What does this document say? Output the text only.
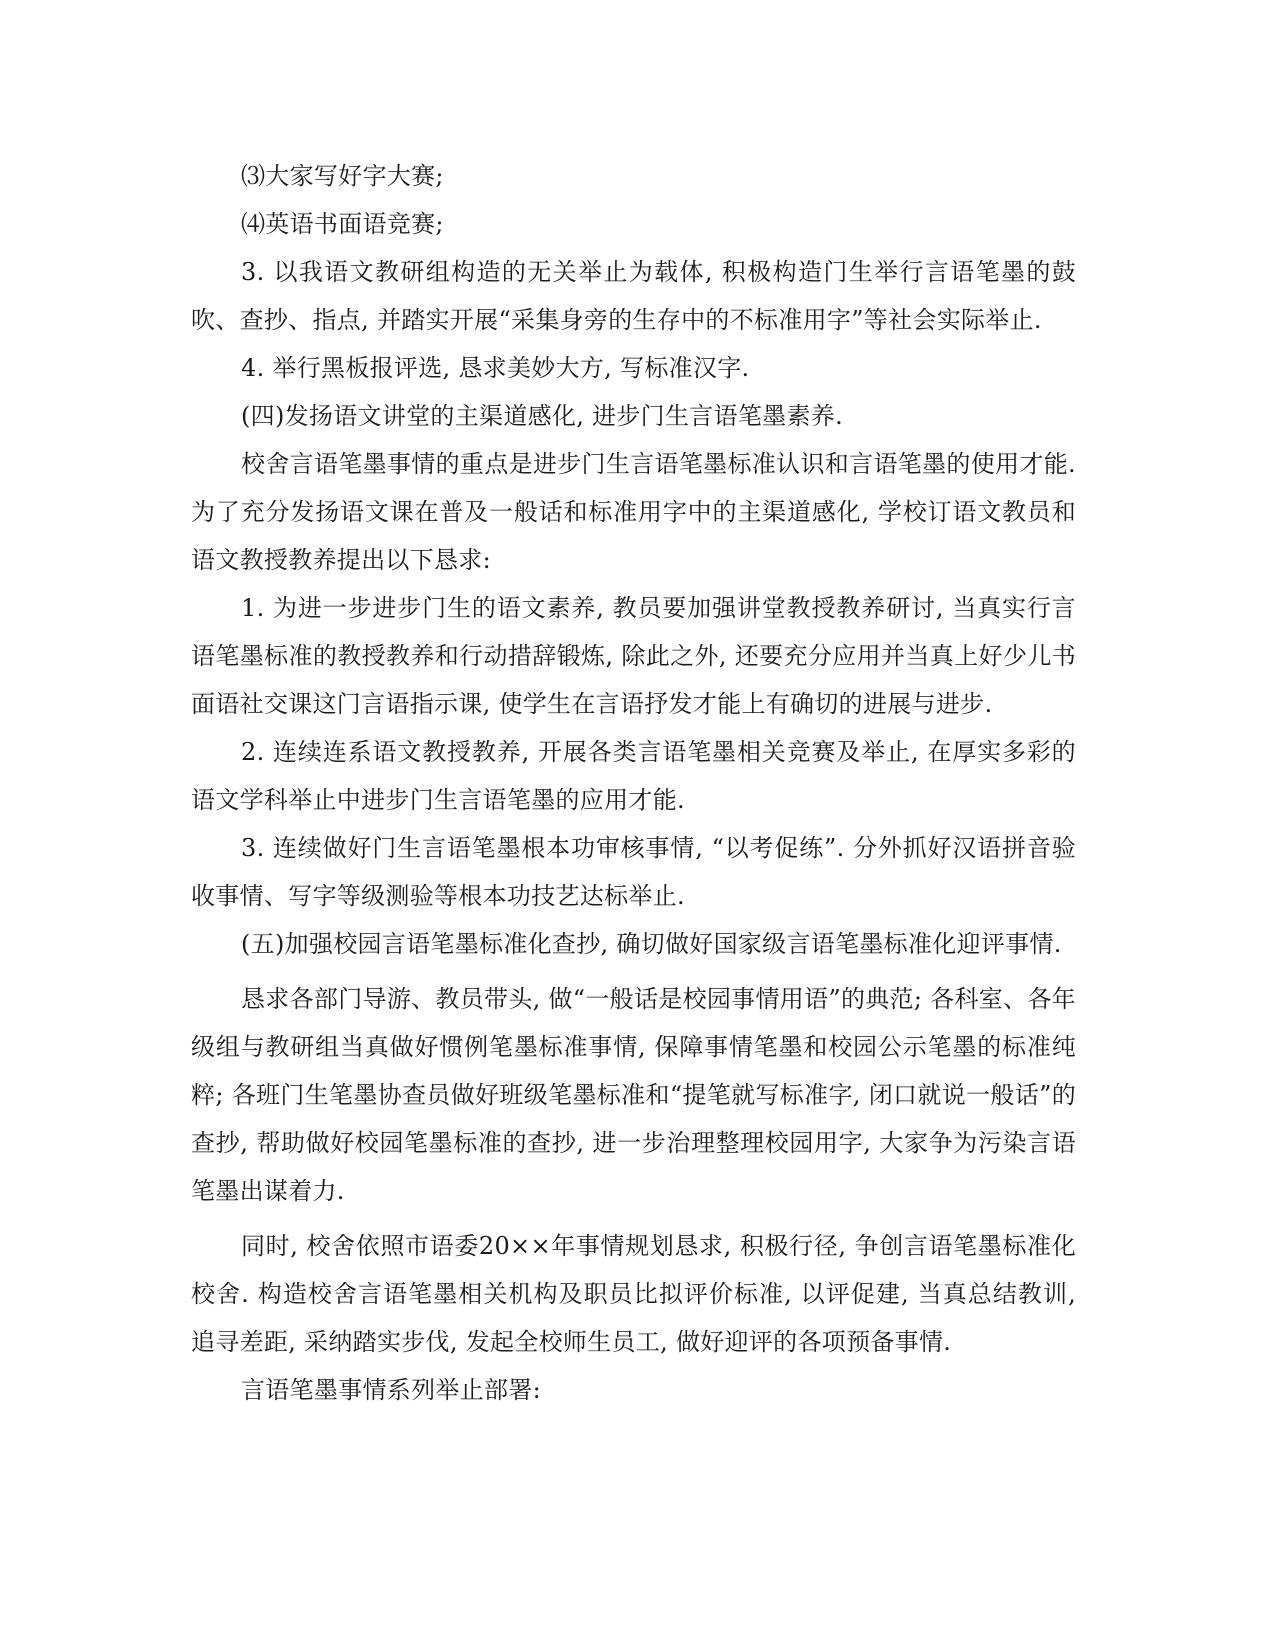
⑶大家写好字大赛;

⑷英语书面语竞赛;

3. 以我语文教研组构造的无关举止为载体, 积极构造门生举行言语笔墨的鼓吹、查抄、指点, 并踏实开展“采集身旁的生存中的不标准用字”等社会实际举止.

4. 举行黑板报评选, 恳求美妙大方, 写标准汉字.

(四)发扬语文讲堂的主渠道感化, 进步门生言语笔墨素养.

校舍言语笔墨事情的重点是进步门生言语笔墨标准认识和言语笔墨的使用才能. 为了充分发扬语文课在普及一般话和标准用字中的主渠道感化, 学校订语文教员和语文教授教养提出以下恳求:

1. 为进一步进步门生的语文素养, 教员要加强讲堂教授教养研讨, 当真实行言语笔墨标准的教授教养和行动措辞锻炼, 除此之外, 还要充分应用并当真上好少儿书面语社交课这门言语指示课, 使学生在言语抒发才能上有确切的进展与进步.

2. 连续连系语文教授教养, 开展各类言语笔墨相关竞赛及举止, 在厚实多彩的语文学科举止中进步门生言语笔墨的应用才能.

3. 连续做好门生言语笔墨根本功审核事情, “以考促练”. 分外抓好汉语拼音验收事情、写字等级测验等根本功技艺达标举止.

(五)加强校园言语笔墨标准化查抄, 确切做好国家级言语笔墨标准化迎评事情.

恳求各部门导游、教员带头, 做“一般话是校园事情用语”的典范; 各科室、各年级组与教研组当真做好惯例笔墨标准事情, 保障事情笔墨和校园公示笔墨的标准纯粹; 各班门生笔墨协查员做好班级笔墨标准和“提笔就写标准字, 闭口就说一般话”的查抄, 帮助做好校园笔墨标准的查抄, 进一步治理整理校园用字, 大家争为污染言语笔墨出谋着力.

同时, 校舍依照市语委20××年事情规划恳求, 积极行径, 争创言语笔墨标准化校舍. 构造校舍言语笔墨相关机构及职员比拟评价标准, 以评促建, 当真总结教训, 追寻差距, 采纳踏实步伐, 发起全校师生员工, 做好迎评的各项预备事情.

言语笔墨事情系列举止部署:
